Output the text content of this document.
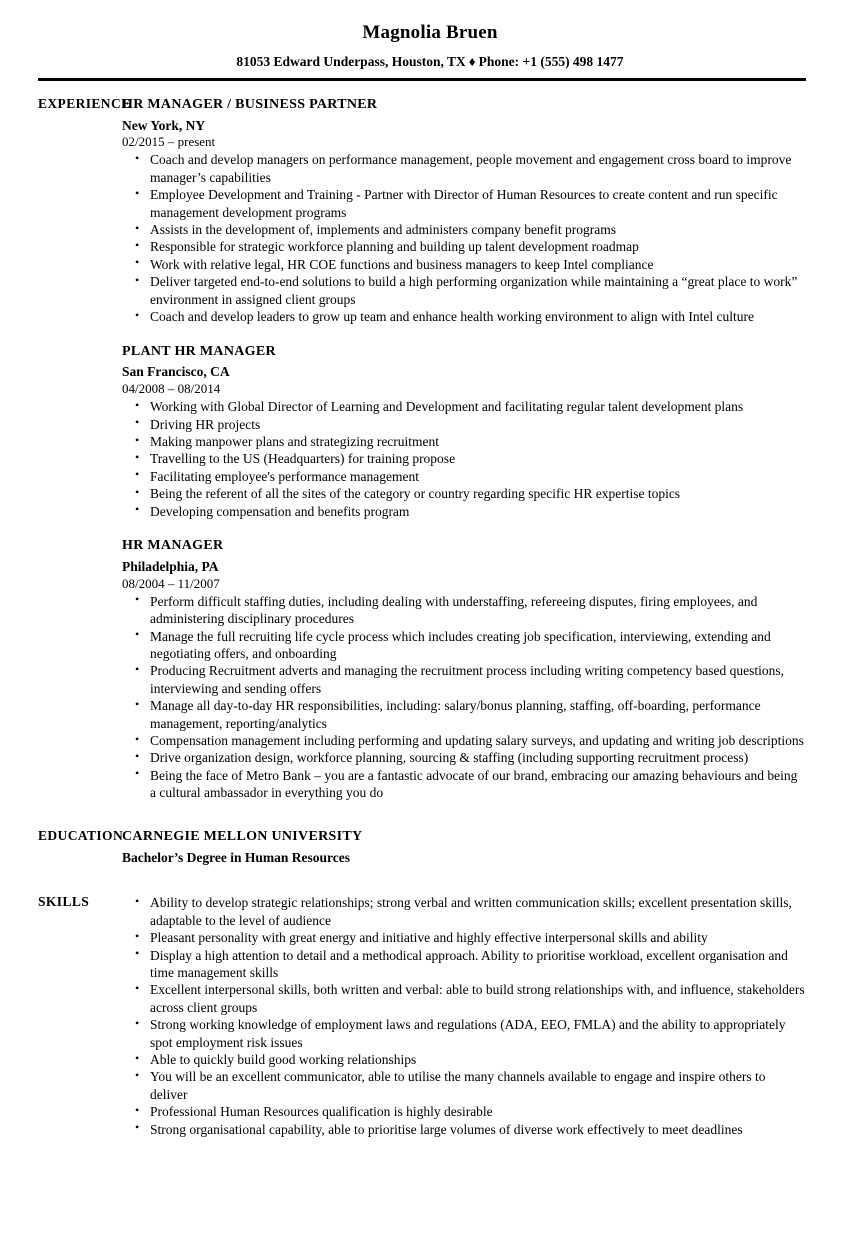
Magnolia Bruen
81053 Edward Underpass, Houston, TX ♦ Phone: +1 (555) 498 1477
EXPERIENCE
HR MANAGER / BUSINESS PARTNER
New York, NY
02/2015 – present
• Coach and develop managers on performance management, people movement and engagement cross board to improve manager’s capabilities
• Employee Development and Training - Partner with Director of Human Resources to create content and run specific management development programs
• Assists in the development of, implements and administers company benefit programs
• Responsible for strategic workforce planning and building up talent development roadmap
• Work with relative legal, HR COE functions and business managers to keep Intel compliance
• Deliver targeted end-to-end solutions to build a high performing organization while maintaining a “great place to work” environment in assigned client groups
• Coach and develop leaders to grow up team and enhance health working environment to align with Intel culture
PLANT HR MANAGER
San Francisco, CA
04/2008 – 08/2014
• Working with Global Director of Learning and Development and facilitating regular talent development plans
• Driving HR projects
• Making manpower plans and strategizing recruitment
• Travelling to the US (Headquarters) for training propose
• Facilitating employee's performance management
• Being the referent of all the sites of the category or country regarding specific HR expertise topics
• Developing compensation and benefits program
HR MANAGER
Philadelphia, PA
08/2004 – 11/2007
• Perform difficult staffing duties, including dealing with understaffing, refereeing disputes, firing employees, and administering disciplinary procedures
• Manage the full recruiting life cycle process which includes creating job specification, interviewing, extending and negotiating offers, and onboarding
• Producing Recruitment adverts and managing the recruitment process including writing competency based questions, interviewing and sending offers
• Manage all day-to-day HR responsibilities, including: salary/bonus planning, staffing, off-boarding, performance management, reporting/analytics
• Compensation management including performing and updating salary surveys, and updating and writing job descriptions
• Drive organization design, workforce planning, sourcing & staffing (including supporting recruitment process)
• Being the face of Metro Bank – you are a fantastic advocate of our brand, embracing our amazing behaviours and being a cultural ambassador in everything you do
EDUCATION
CARNEGIE MELLON UNIVERSITY
Bachelor’s Degree in Human Resources
SKILLS	• Ability to develop strategic relationships; strong verbal and written communication skills; excellent presentation skills, adaptable to the level of audience
• Pleasant personality with great energy and initiative and highly effective interpersonal skills and ability
• Display a high attention to detail and a methodical approach. Ability to prioritise workload, excellent organisation and time management skills
• Excellent interpersonal skills, both written and verbal: able to build strong relationships with, and influence, stakeholders across client groups
• Strong working knowledge of employment laws and regulations (ADA, EEO, FMLA) and the ability to appropriately spot employment risk issues
• Able to quickly build good working relationships
• You will be an excellent communicator, able to utilise the many channels available to engage and inspire others to deliver
• Professional Human Resources qualification is highly desirable
• Strong organisational capability, able to prioritise large volumes of diverse work effectively to meet deadlines
